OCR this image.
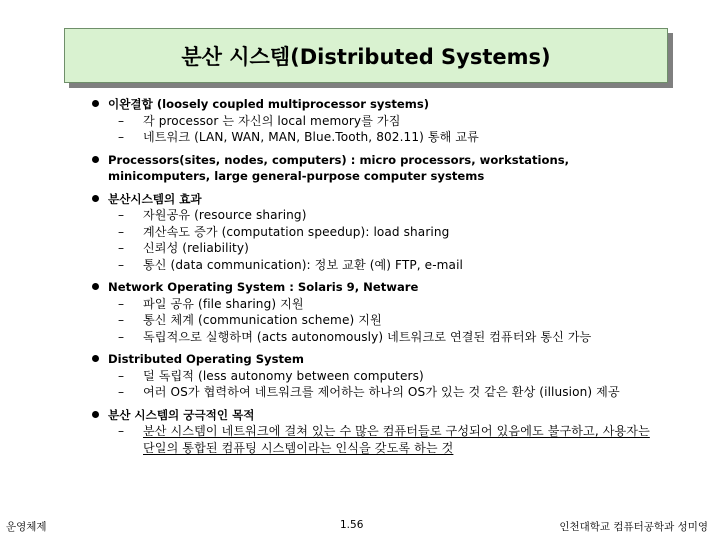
분산 시스템(Distributed Systems)
이완결합 (loosely coupled multiprocessor systems)
– 각 processor 는 자신의 local memory를 가짐
– 네트워크 (LAN, WAN, MAN, Blue.Tooth, 802.11) 통해 교류
Processors(sites, nodes, computers) : micro processors, workstations, minicomputers, large general-purpose computer systems
분산시스템의 효과
– 자원공유 (resource sharing)
– 계산속도 증가 (computation speedup): load sharing
– 신뢰성 (reliability)
– 통신 (data communication): 정보 교환 (예) FTP, e-mail
Network Operating System : Solaris 9, Netware
– 파일 공유 (file sharing) 지원
– 통신 체계 (communication scheme) 지원
– 독립적으로 실행하며 (acts autonomously) 네트워크로 연결된 컴퓨터와 통신 가능
Distributed Operating System
– 덜 독립적 (less autonomy between computers)
– 여러 OS가 협력하여 네트워크를 제어하는 하나의 OS가 있는 것 같은 환상 (illusion) 제공
분산 시스템의 궁극적인 목적
– 분산 시스템이 네트워크에 걸쳐 있는 수 많은 컴퓨터들로 구성되어 있음에도 불구하고, 사용자는 단일의 통합된 컴퓨팅 시스템이라는 인식을 갖도록 하는 것
운영체제	1.56	인천대학교 컴퓨터공학과 성미영
